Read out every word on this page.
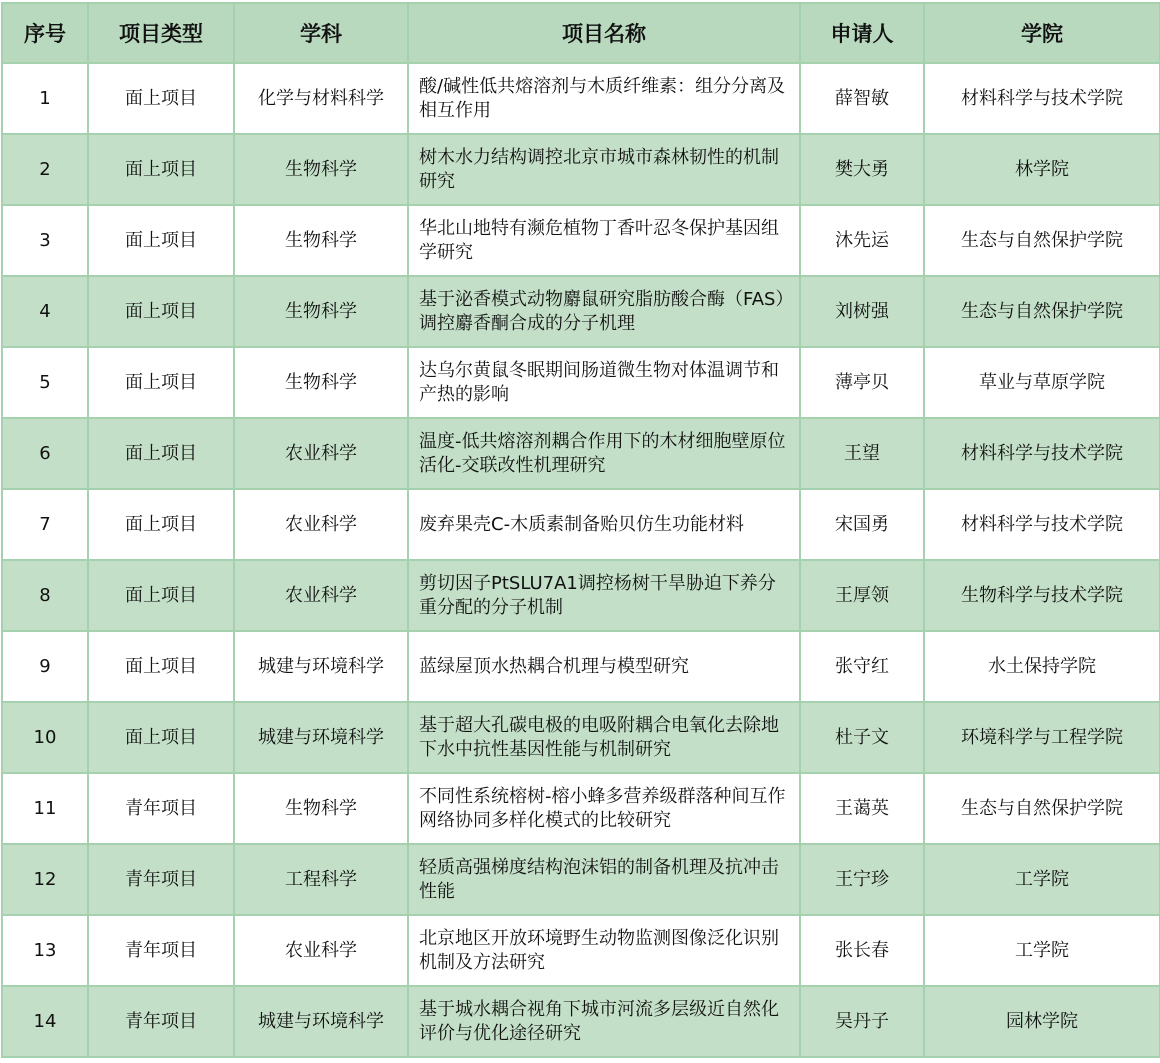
序号	项目类型	学科	项目名称	申请人	学院
1	面上项目	化学与材料科学	酸/碱性低共熔溶剂与木质纤维素：组分分离及相互作用	薛智敏	材料科学与技术学院
2	面上项目	生物科学	树木水力结构调控北京市城市森林韧性的机制研究	樊大勇	林学院
3	面上项目	生物科学	华北山地特有濒危植物丁香叶忍冬保护基因组学研究	沐先运	生态与自然保护学院
4	面上项目	生物科学	基于泌香模式动物麝鼠研究脂肪酸合酶（FAS）调控麝香酮合成的分子机理	刘树强	生态与自然保护学院
5	面上项目	生物科学	达乌尔黄鼠冬眠期间肠道微生物对体温调节和产热的影响	薄亭贝	草业与草原学院
6	面上项目	农业科学	温度-低共熔溶剂耦合作用下的木材细胞壁原位活化-交联改性机理研究	王望	材料科学与技术学院
7	面上项目	农业科学	废弃果壳C-木质素制备贻贝仿生功能材料	宋国勇	材料科学与技术学院
8	面上项目	农业科学	剪切因子PtSLU7A1调控杨树干旱胁迫下养分重分配的分子机制	王厚领	生物科学与技术学院
9	面上项目	城建与环境科学	蓝绿屋顶水热耦合机理与模型研究	张守红	水土保持学院
10	面上项目	城建与环境科学	基于超大孔碳电极的电吸附耦合电氧化去除地下水中抗性基因性能与机制研究	杜子文	环境科学与工程学院
11	青年项目	生物科学	不同性系统榕树-榕小蜂多营养级群落种间互作网络协同多样化模式的比较研究	王蔼英	生态与自然保护学院
12	青年项目	工程科学	轻质高强梯度结构泡沫铝的制备机理及抗冲击性能	王宁珍	工学院
13	青年项目	农业科学	北京地区开放环境野生动物监测图像泛化识别机制及方法研究	张长春	工学院
14	青年项目	城建与环境科学	基于城水耦合视角下城市河流多层级近自然化评价与优化途径研究	吴丹子	园林学院
